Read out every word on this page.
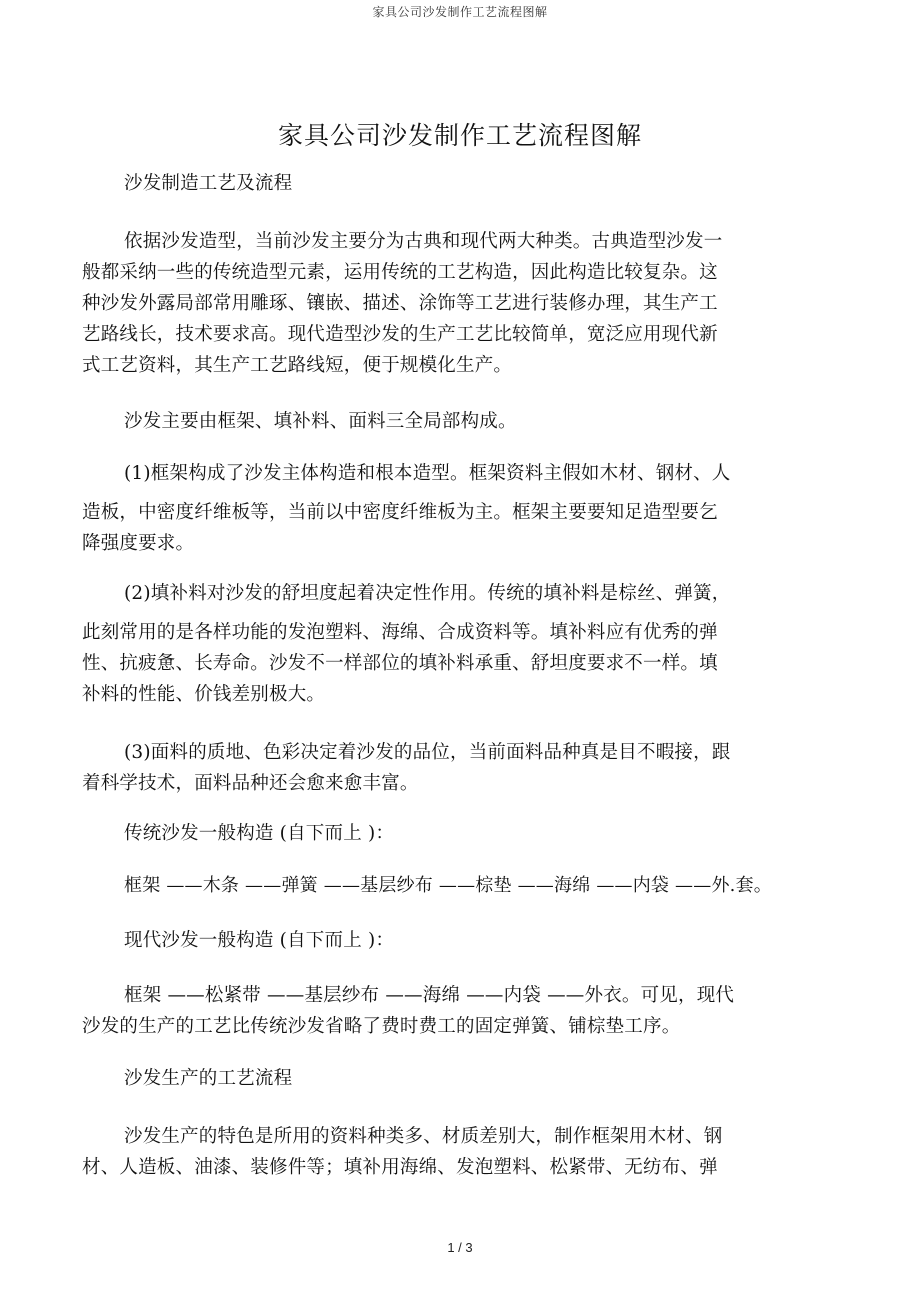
家具公司沙发制作工艺流程图解
家具公司沙发制作工艺流程图解
沙发制造工艺及流程
依据沙发造型，当前沙发主要分为古典和现代两大种类。古典造型沙发一
般都采纳一些的传统造型元素，运用传统的工艺构造，因此构造比较复杂。这
种沙发外露局部常用雕琢、镶嵌、描述、涂饰等工艺进行装修办理，其生产工
艺路线长，技术要求高。现代造型沙发的生产工艺比较简单，宽泛应用现代新
式工艺资料，其生产工艺路线短，便于规模化生产。
沙发主要由框架、填补料、面料三全局部构成。
(1)框架构成了沙发主体构造和根本造型。框架资料主假如木材、钢材、人
造板，中密度纤维板等，当前以中密度纤维板为主。框架主要要知足造型要乞
降强度要求。
(2)填补料对沙发的舒坦度起着决定性作用。传统的填补料是棕丝、弹簧，
此刻常用的是各样功能的发泡塑料、海绵、合成资料等。填补料应有优秀的弹
性、抗疲惫、长寿命。沙发不一样部位的填补料承重、舒坦度要求不一样。填
补料的性能、价钱差别极大。
(3)面料的质地、色彩决定着沙发的品位，当前面料品种真是目不暇接，跟
着科学技术，面料品种还会愈来愈丰富。
传统沙发一般构造 (自下而上 )：
框架 ——木条 ——弹簧 ——基层纱布 ——棕垫 ——海绵 ——内袋 ——外.套。
现代沙发一般构造 (自下而上 )：
框架 ——松紧带 ——基层纱布 ——海绵 ——内袋 ——外衣。可见，现代
沙发的生产的工艺比传统沙发省略了费时费工的固定弹簧、铺棕垫工序。
沙发生产的工艺流程
沙发生产的特色是所用的资料种类多、材质差别大，制作框架用木材、钢
材、人造板、油漆、装修件等；填补用海绵、发泡塑料、松紧带、无纺布、弹
1 / 3
